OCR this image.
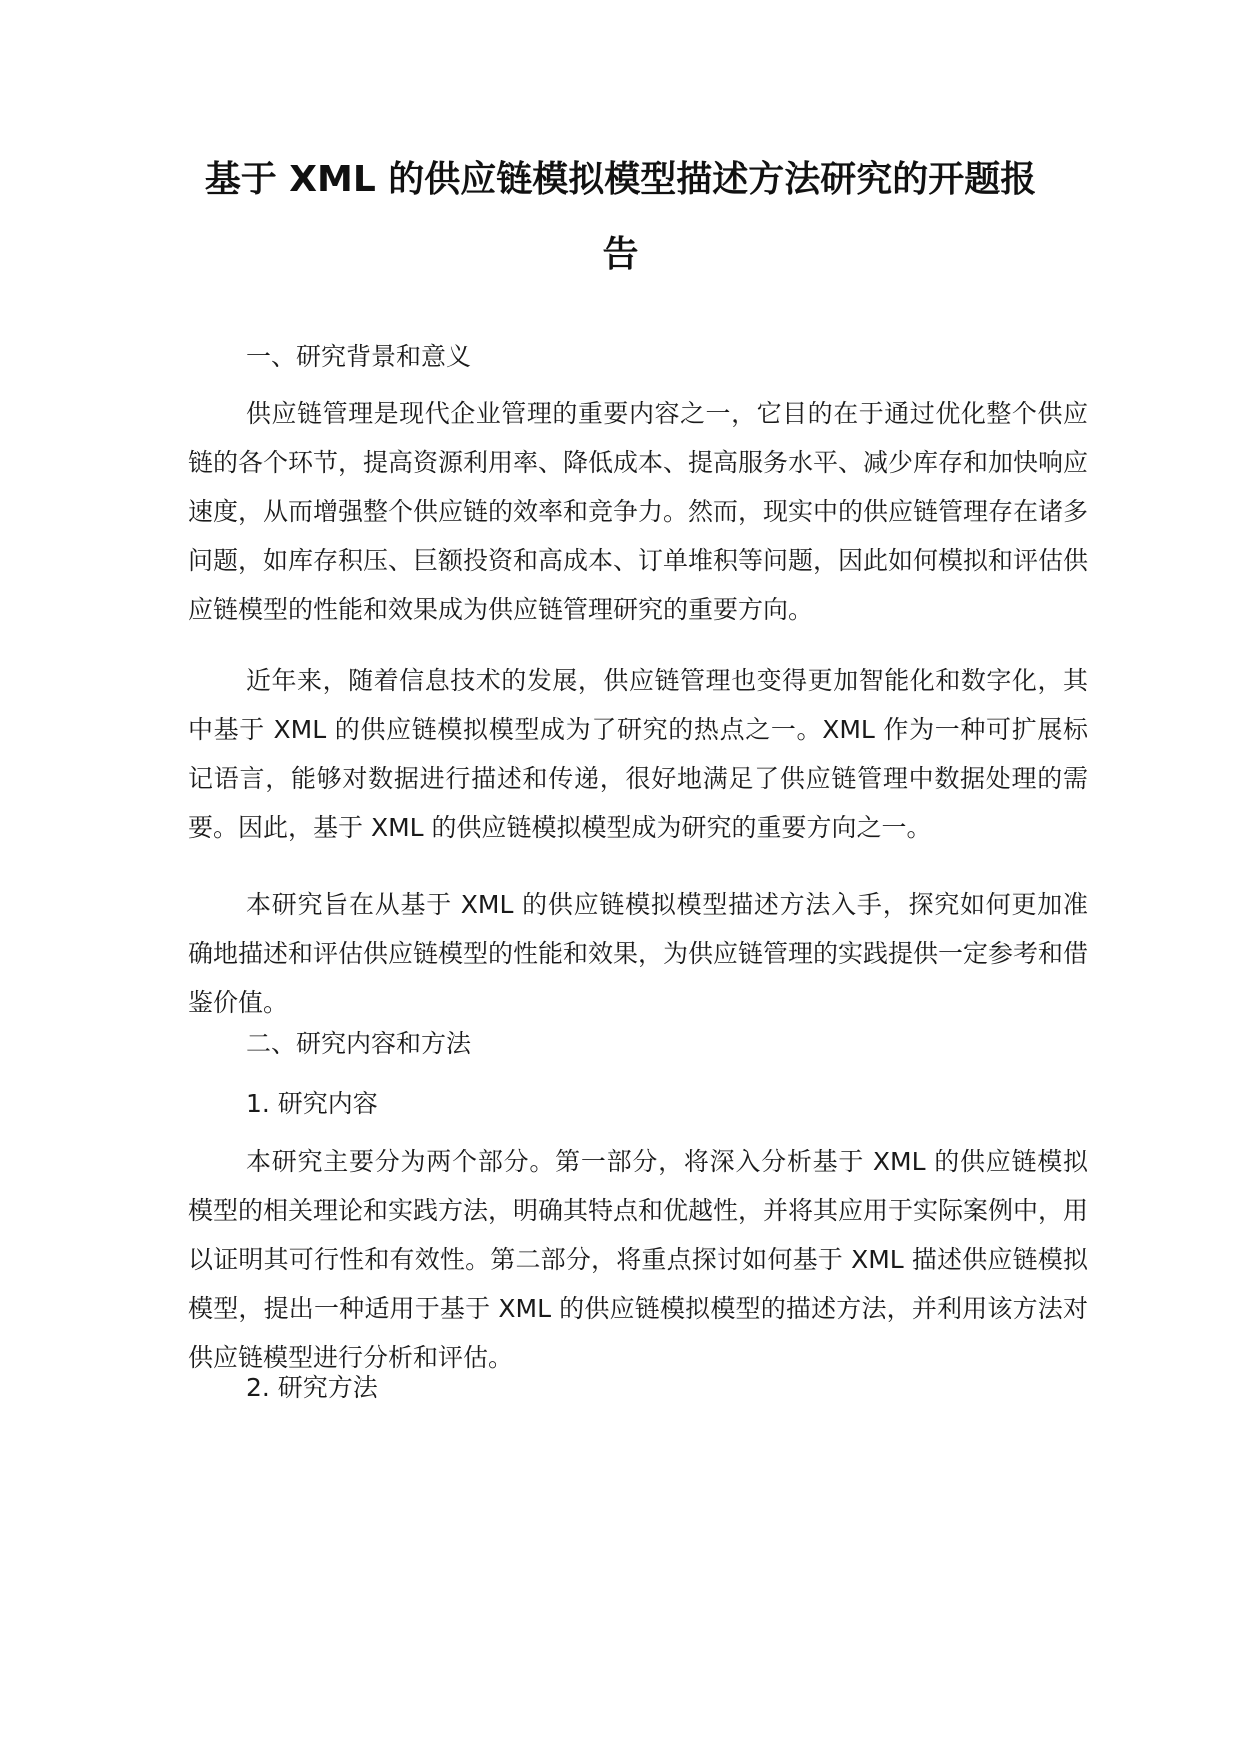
基于 XML 的供应链模拟模型描述方法研究的开题报
告

一、研究背景和意义

供应链管理是现代企业管理的重要内容之一，它目的在于通过优化整个供应链的各个环节，提高资源利用率、降低成本、提高服务水平、减少库存和加快响应速度，从而增强整个供应链的效率和竞争力。然而，现实中的供应链管理存在诸多问题，如库存积压、巨额投资和高成本、订单堆积等问题，因此如何模拟和评估供应链模型的性能和效果成为供应链管理研究的重要方向。

近年来，随着信息技术的发展，供应链管理也变得更加智能化和数字化，其中基于 XML 的供应链模拟模型成为了研究的热点之一。XML 作为一种可扩展标记语言，能够对数据进行描述和传递，很好地满足了供应链管理中数据处理的需要。因此，基于 XML 的供应链模拟模型成为研究的重要方向之一。

本研究旨在从基于 XML 的供应链模拟模型描述方法入手，探究如何更加准确地描述和评估供应链模型的性能和效果，为供应链管理的实践提供一定参考和借鉴价值。

二、研究内容和方法

1. 研究内容

本研究主要分为两个部分。第一部分，将深入分析基于 XML 的供应链模拟模型的相关理论和实践方法，明确其特点和优越性，并将其应用于实际案例中，用以证明其可行性和有效性。第二部分，将重点探讨如何基于 XML 描述供应链模拟模型，提出一种适用于基于 XML 的供应链模拟模型的描述方法，并利用该方法对供应链模型进行分析和评估。

2. 研究方法
